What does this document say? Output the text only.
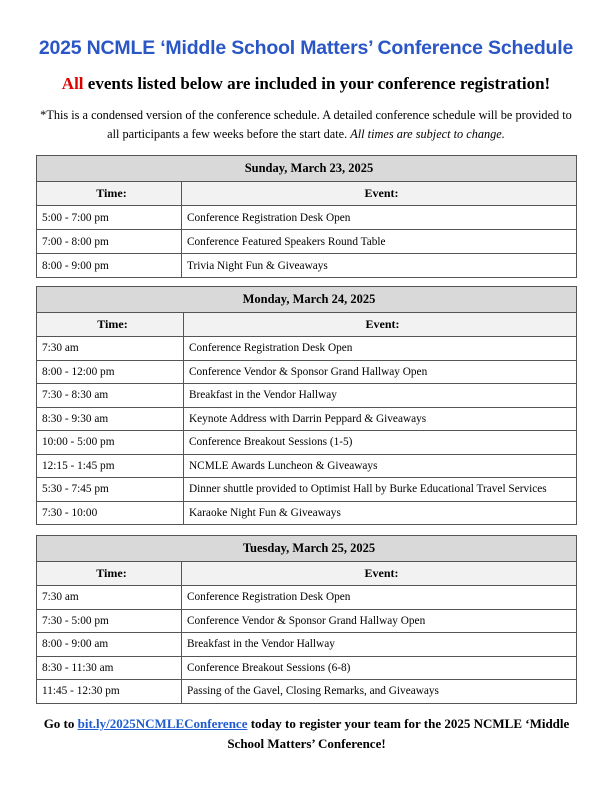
2025 NCMLE ‘Middle School Matters’ Conference Schedule
All events listed below are included in your conference registration!
*This is a condensed version of the conference schedule. A detailed conference schedule will be provided to all participants a few weeks before the start date. All times are subject to change.
Sunday, March 23, 2025	
Time:	Event:
5:00 - 7:00 pm	Conference Registration Desk Open
7:00 - 8:00 pm	Conference Featured Speakers Round Table
8:00 - 9:00 pm	Trivia Night Fun & Giveaways
Monday, March 24, 2025	
Time:	Event:
7:30 am	Conference Registration Desk Open
8:00 - 12:00 pm	Conference Vendor & Sponsor Grand Hallway Open
7:30 - 8:30 am	Breakfast in the Vendor Hallway
8:30 - 9:30 am	Keynote Address with Darrin Peppard & Giveaways
10:00 - 5:00 pm	Conference Breakout Sessions (1-5)
12:15 - 1:45 pm	NCMLE Awards Luncheon & Giveaways
5:30 - 7:45 pm	Dinner shuttle provided to Optimist Hall by Burke Educational Travel Services
7:30 - 10:00	Karaoke Night Fun & Giveaways
Tuesday, March 25, 2025	
Time:	Event:
7:30 am	Conference Registration Desk Open
7:30 - 5:00 pm	Conference Vendor & Sponsor Grand Hallway Open
8:00 - 9:00 am	Breakfast in the Vendor Hallway
8:30 - 11:30 am	Conference Breakout Sessions (6-8)
11:45 - 12:30 pm	Passing of the Gavel, Closing Remarks, and Giveaways
Go to bit.ly/2025NCMLEConference today to register your team for the 2025 NCMLE ‘Middle School Matters’ Conference!
